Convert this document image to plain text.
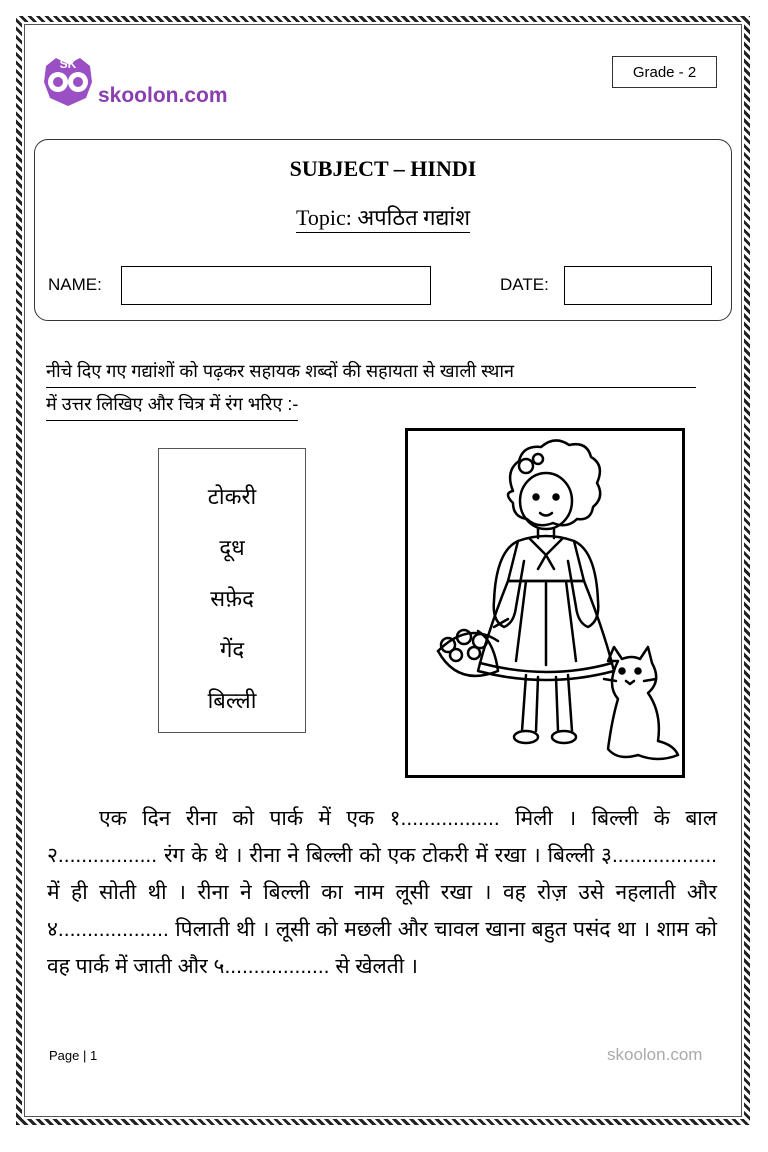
SK
skoolon.com
Grade - 2
SUBJECT – HINDI
Topic: अपठित गद्यांश
NAME:	DATE:
नीचे दिए गए गद्यांशों को पढ़कर सहायक शब्दों की सहायता से खाली स्थान
में उत्तर लिखिए और चित्र में रंग भरिए :-
टोकरी
दूध
सफ़ेद
गेंद
बिल्ली

एक दिन रीना को पार्क में एक १................. मिली । बिल्ली के बाल २................. रंग के थे । रीना ने बिल्ली को एक टोकरी में रखा । बिल्ली ३.................. में ही सोती थी । रीना ने बिल्ली का नाम लूसी रखा । वह रोज़ उसे नहलाती और ४................... पिलाती थी । लूसी को मछली और चावल खाना बहुत पसंद था । शाम को वह पार्क में जाती और ५.................. से खेलती ।

Page | 1	skoolon.com
